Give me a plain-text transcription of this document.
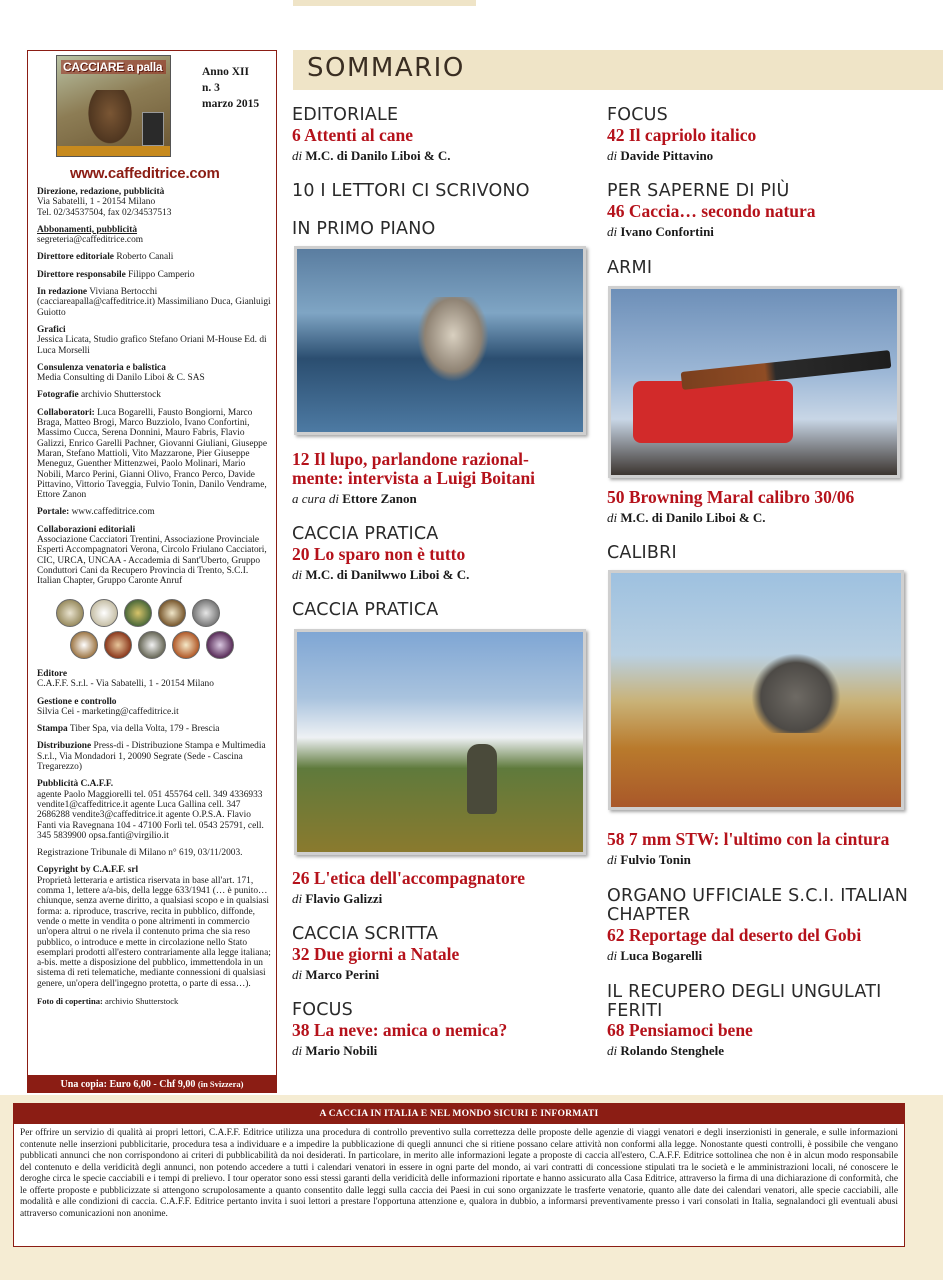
CACCIARE a palla	Anno XII
n. 3
marzo 2015
www.caffeditrice.com
Direzione, redazione, pubblicità
Via Sabatelli, 1 - 20154 Milano
Tel. 02/34537504, fax 02/34537513
Abbonamenti, pubblicità
segreteria@caffeditrice.com
Direttore editoriale Roberto Canali
Direttore responsabile Filippo Camperio
In redazione Viviana Bertocchi (cacciareapalla@caffeditrice.it) Massimiliano Duca, Gianluigi Guiotto
Grafici
Jessica Licata, Studio grafico Stefano Oriani M-House Ed. di Luca Morselli
Consulenza venatoria e balistica
Media Consulting di Danilo Liboi & C. SAS
Fotografie archivio Shutterstock
Collaboratori: Luca Bogarelli, Fausto Bongiorni, Marco Braga, Matteo Brogi, Marco Buzziolo, Ivano Confortini, Massimo Cucca, Serena Donnini, Mauro Fabris, Flavio Galizzi, Enrico Garelli Pachner, Giovanni Giuliani, Giuseppe Maran, Stefano Mattioli, Vito Mazzarone, Pier Giuseppe Meneguz, Guenther Mittenzwei, Paolo Molinari, Mario Nobili, Marco Perini, Gianni Olivo, Franco Perco, Davide Pittavino, Vittorio Taveggia, Fulvio Tonin, Danilo Vendrame, Ettore Zanon
Portale: www.caffeditrice.com
Collaborazioni editoriali
Associazione Cacciatori Trentini, Associazione Provinciale Esperti Accompagnatori Verona, Circolo Friulano Cacciatori, CIC, URCA, UNCAA - Accademia di Sant'Uberto, Gruppo Conduttori Cani da Recupero Provincia di Trento, S.C.I. Italian Chapter, Gruppo Caronte Anruf
Editore
C.A.F.F. S.r.l. - Via Sabatelli, 1 - 20154 Milano
Gestione e controllo
Silvia Cei - marketing@caffeditrice.it
Stampa Tiber Spa, via della Volta, 179 - Brescia
Distribuzione Press-di - Distribuzione Stampa e Multimedia S.r.l., Via Mondadori 1, 20090 Segrate (Sede - Cascina Tregarezzo)
Pubblicità C.A.F.F.
agente Paolo Maggiorelli tel. 051 455764 cell. 349 4336933 vendite1@caffeditrice.it agente Luca Gallina cell. 347 2686288 vendite3@caffeditrice.it agente O.P.S.A. Flavio Fanti via Ravegnana 104 - 47100 Forlì tel. 0543 25791, cell. 345 5839900 opsa.fanti@virgilio.it
Registrazione Tribunale di Milano n° 619, 03/11/2003.
Copyright by C.A.F.F. srl
Proprietà letteraria e artistica riservata in base all'art. 171, comma 1, lettere a/a-bis, della legge 633/1941 (… è punito… chiunque, senza averne diritto, a qualsiasi scopo e in qualsiasi forma: a. riproduce, trascrive, recita in pubblico, diffonde, vende o mette in vendita o pone altrimenti in commercio un'opera altrui o ne rivela il contenuto prima che sia reso pubblico, o introduce e mette in circolazione nello Stato esemplari prodotti all'estero contrariamente alla legge italiana; a-bis. mette a disposizione del pubblico, immettendola in un sistema di reti telematiche, mediante connessioni di qualsiasi genere, un'opera dell'ingegno protetta, o parte di essa…).
Foto di copertina: archivio Shutterstock
Una copia: Euro 6,00 - Chf 9,00 (in Svizzera)
SOMMARIO
EDITORIALE
6 Attenti al cane
di M.C. di Danilo Liboi & C.
10 I LETTORI CI SCRIVONO
IN PRIMO PIANO
12 Il lupo, parlandone razional-
mente: intervista a Luigi Boitani
a cura di Ettore Zanon
CACCIA PRATICA
20 Lo sparo non è tutto
di M.C. di Danilwwo Liboi & C.
CACCIA PRATICA
26 L'etica dell'accompagnatore
di Flavio Galizzi
CACCIA SCRITTA
32 Due giorni a Natale
di Marco Perini
FOCUS
38 La neve: amica o nemica?
di Mario Nobili
FOCUS
42 Il capriolo italico
di Davide Pittavino
PER SAPERNE DI PIÙ
46 Caccia… secondo natura
di Ivano Confortini
ARMI
50 Browning Maral calibro 30/06
di M.C. di Danilo Liboi & C.
CALIBRI
58 7 mm STW: l'ultimo con la cintura
di Fulvio Tonin
ORGANO UFFICIALE S.C.I. ITALIAN
CHAPTER
62 Reportage dal deserto del Gobi
di Luca Bogarelli
IL RECUPERO DEGLI UNGULATI
FERITI
68 Pensiamoci bene
di Rolando Stenghele
A CACCIA IN ITALIA E NEL MONDO SICURI E INFORMATI
Per offrire un servizio di qualità ai propri lettori, C.A.F.F. Editrice utilizza una procedura di controllo preventivo sulla correttezza delle proposte delle agenzie di viaggi venatori e degli inserzionisti in generale, e sulle informazioni contenute nelle inserzioni pubblicitarie, procedura tesa a individuare e a impedire la pubblicazione di quegli annunci che si ritiene possano celare attività non conformi alla legge. Nonostante questi controlli, è possibile che vengano pubblicati annunci che non corrispondono ai criteri di pubblicabilità da noi desiderati. In particolare, in merito alle informazioni legate a proposte di caccia all'estero, C.A.F.F. Editrice sottolinea che non è in alcun modo responsabile del contenuto e della veridicità degli annunci, non potendo accedere a tutti i calendari venatori in essere in ogni parte del mondo, ai vari contratti di concessione stipulati tra le società e le amministrazioni locali, né conoscere le deroghe circa le specie cacciabili e i tempi di prelievo. I tour operator sono essi stessi garanti della veridicità delle informazioni riportate e hanno assicurato alla Casa Editrice, attraverso la firma di una dichiarazione di conformità, che le offerte proposte e pubblicizzate si attengono scrupolosamente a quanto consentito dalle leggi sulla caccia dei Paesi in cui sono organizzate le trasferte venatorie, quanto alle date dei calendari venatori, alle specie cacciabili, alle modalità e alle condizioni di caccia. C.A.F.F. Editrice pertanto invita i suoi lettori a prestare l'opportuna attenzione e, qualora in dubbio, a informarsi preventivamente presso i vari consolati in Italia, segnalandoci gli eventuali abusi attraverso comunicazioni non anonime.
